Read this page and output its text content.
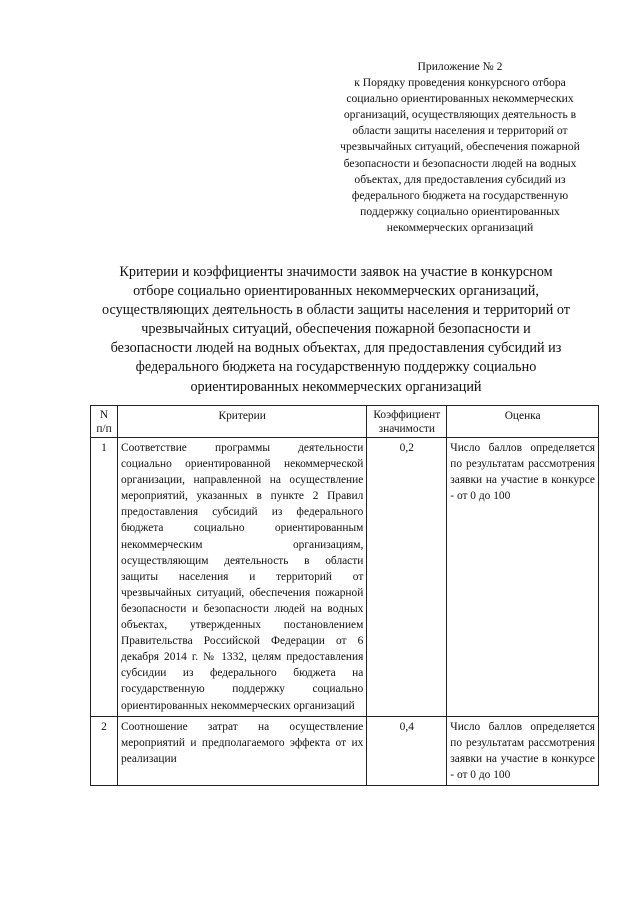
Приложение № 2
к Порядку проведения конкурсного отбора
социально ориентированных некоммерческих
организаций, осуществляющих деятельность в
области защиты населения и территорий от
чрезвычайных ситуаций, обеспечения пожарной
безопасности и безопасности людей на водных
объектах, для предоставления субсидий из
федерального бюджета на государственную
поддержку социально ориентированных
некоммерческих организаций
Критерии и коэффициенты значимости заявок на участие в конкурсном
отборе социально ориентированных некоммерческих организаций,
осуществляющих деятельность в области защиты населения и территорий от
чрезвычайных ситуаций, обеспечения пожарной безопасности и
безопасности людей на водных объектах, для предоставления субсидий из
федерального бюджета на государственную поддержку социально
ориентированных некоммерческих организаций
N п/п	Критерии	Коэффициент значимости	Оценка
1	Соответствие программы деятельности социально ориентированной некоммерческой организации, направленной на осуществление мероприятий, указанных в пункте 2 Правил предоставления субсидий из федерального бюджета социально ориентированным некоммерческим организациям, осуществляющим деятельность в области защиты населения и территорий от чрезвычайных ситуаций, обеспечения пожарной безопасности и безопасности людей на водных объектах, утвержденных постановлением Правительства Российской Федерации от 6 декабря 2014 г. № 1332, целям предоставления субсидии из федерального бюджета на государственную поддержку социально ориентированных некоммерческих организаций	0,2	Число баллов определяется по результатам рассмотрения заявки на участие в конкурсе - от 0 до 100
2	Соотношение затрат на осуществление мероприятий и предполагаемого эффекта от их реализации	0,4	Число баллов определяется по результатам рассмотрения заявки на участие в конкурсе - от 0 до 100
